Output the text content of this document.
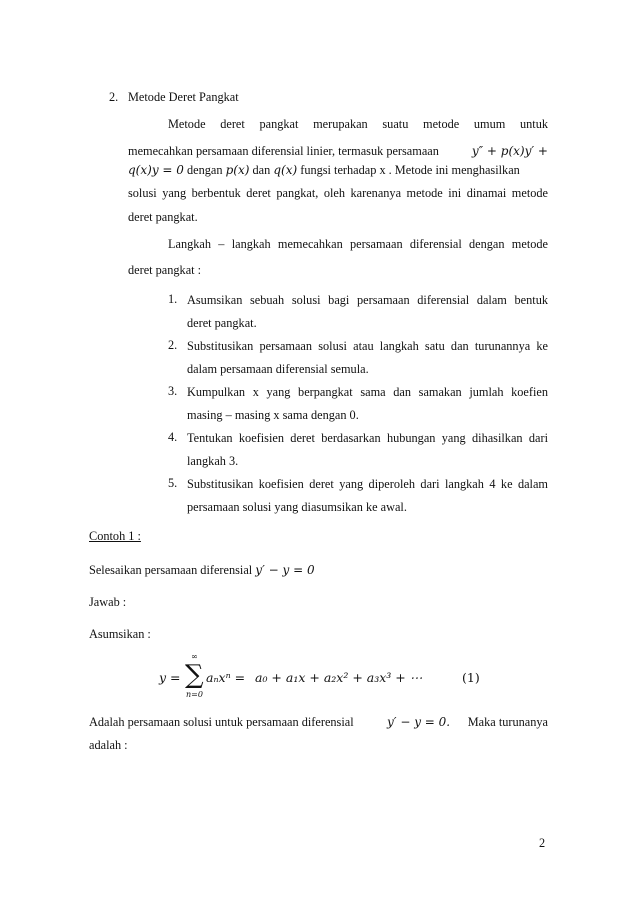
2. Metode Deret Pangkat
Metode deret pangkat merupakan suatu metode umum untuk
memecahkan persamaan diferensial linier, termasuk persamaan	y″ + p(x)y′ +
q(x)y = 0 dengan p(x) dan q(x) fungsi terhadap x . Metode ini menghasilkan
solusi yang berbentuk deret pangkat, oleh karenanya metode ini dinamai metode
deret pangkat.
Langkah – langkah memecahkan persamaan diferensial dengan metode
deret pangkat :
1. Asumsikan sebuah solusi bagi persamaan diferensial dalam bentuk
deret pangkat.
2. Substitusikan persamaan solusi atau langkah satu dan turunannya ke
dalam persamaan diferensial semula.
3. Kumpulkan x yang berpangkat sama dan samakan jumlah koefien
masing – masing x sama dengan 0.
4. Tentukan koefisien deret berdasarkan hubungan yang dihasilkan dari
langkah 3.
5. Substitusikan koefisien deret yang diperoleh dari langkah 4 ke dalam
persamaan solusi yang diasumsikan ke awal.
Contoh 1 :
Selesaikan persamaan diferensial y′ − y = 0
Jawab :
Asumsikan :
y =
∞
∑
n=0
aₙxⁿ = a₀ + a₁x + a₂x² + a₃x³ + ⋯	(1)
Adalah persamaan solusi untuk persamaan diferensial	y′ − y = 0. Maka turunanya
adalah :
2
